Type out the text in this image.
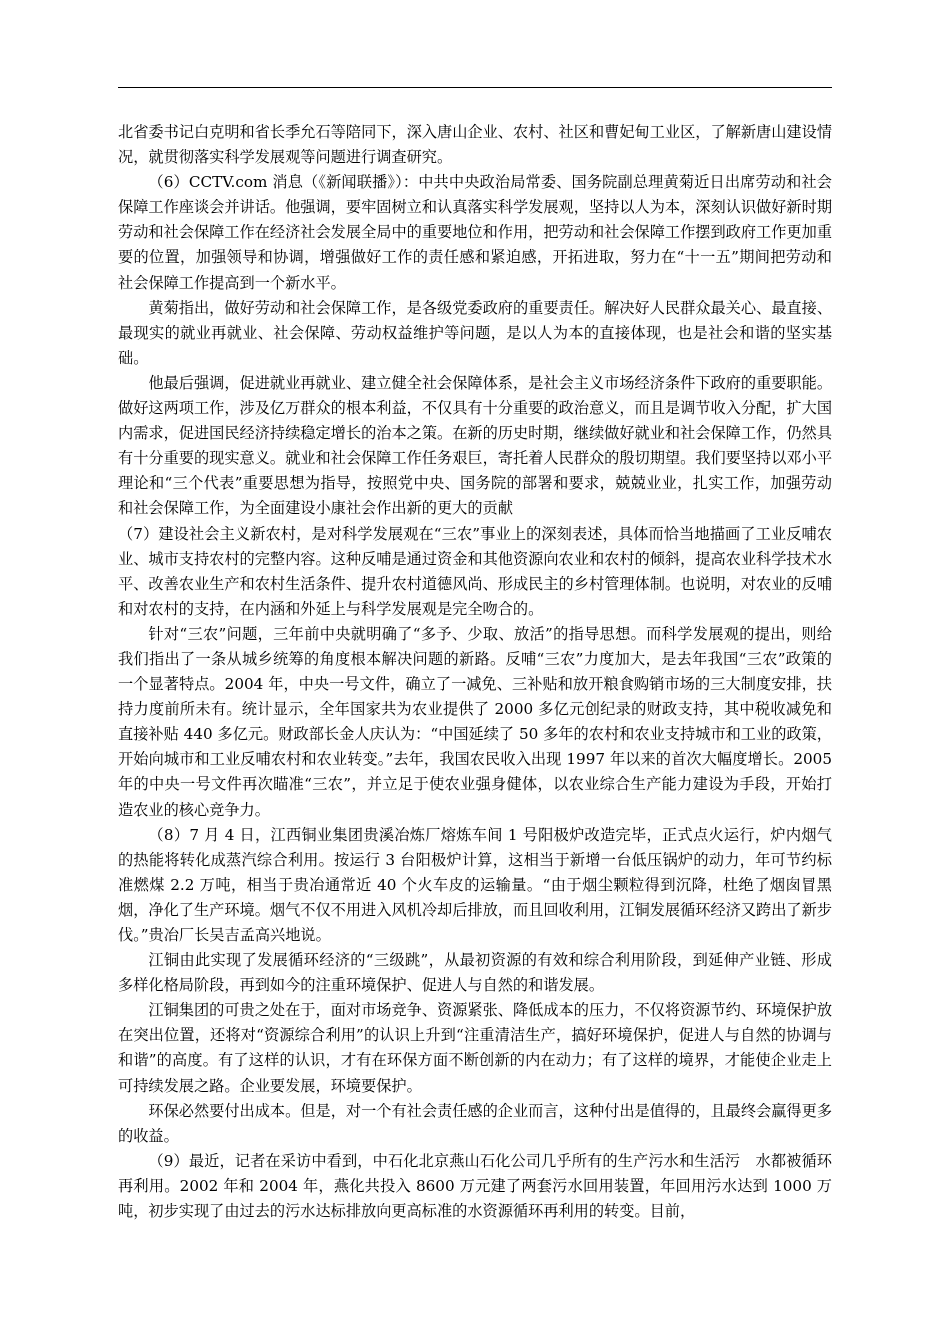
北省委书记白克明和省长季允石等陪同下，深入唐山企业、农村、社区和曹妃甸工业区，了解新唐山建设情况，就贯彻落实科学发展观等问题进行调查研究。

（6）CCTV.com 消息（《新闻联播》）：中共中央政治局常委、国务院副总理黄菊近日出席劳动和社会保障工作座谈会并讲话。他强调，要牢固树立和认真落实科学发展观，坚持以人为本，深刻认识做好新时期劳动和社会保障工作在经济社会发展全局中的重要地位和作用，把劳动和社会保障工作摆到政府工作更加重要的位置，加强领导和协调，增强做好工作的责任感和紧迫感，开拓进取，努力在“十一五”期间把劳动和社会保障工作提高到一个新水平。

黄菊指出，做好劳动和社会保障工作，是各级党委政府的重要责任。解决好人民群众最关心、最直接、最现实的就业再就业、社会保障、劳动权益维护等问题，是以人为本的直接体现，也是社会和谐的坚实基础。

他最后强调，促进就业再就业、建立健全社会保障体系，是社会主义市场经济条件下政府的重要职能。做好这两项工作，涉及亿万群众的根本利益，不仅具有十分重要的政治意义，而且是调节收入分配，扩大国内需求，促进国民经济持续稳定增长的治本之策。在新的历史时期，继续做好就业和社会保障工作，仍然具有十分重要的现实意义。就业和社会保障工作任务艰巨，寄托着人民群众的殷切期望。我们要坚持以邓小平理论和“三个代表”重要思想为指导，按照党中央、国务院的部署和要求，兢兢业业，扎实工作，加强劳动和社会保障工作，为全面建设小康社会作出新的更大的贡献

（7）建设社会主义新农村，是对科学发展观在“三农”事业上的深刻表述，具体而恰当地描画了工业反哺农业、城市支持农村的完整内容。这种反哺是通过资金和其他资源向农业和农村的倾斜，提高农业科学技术水平、改善农业生产和农村生活条件、提升农村道德风尚、形成民主的乡村管理体制。也说明，对农业的反哺和对农村的支持，在内涵和外延上与科学发展观是完全吻合的。

针对“三农”问题，三年前中央就明确了“多予、少取、放活”的指导思想。而科学发展观的提出，则给我们指出了一条从城乡统筹的角度根本解决问题的新路。反哺“三农”力度加大，是去年我国“三农”政策的一个显著特点。2004 年，中央一号文件，确立了一减免、三补贴和放开粮食购销市场的三大制度安排，扶持力度前所未有。统计显示，全年国家共为农业提供了 2000 多亿元创纪录的财政支持，其中税收减免和直接补贴 440 多亿元。财政部长金人庆认为：“中国延续了 50 多年的农村和农业支持城市和工业的政策，开始向城市和工业反哺农村和农业转变。”去年，我国农民收入出现 1997 年以来的首次大幅度增长。2005 年的中央一号文件再次瞄准“三农”，并立足于使农业强身健体，以农业综合生产能力建设为手段，开始打造农业的核心竞争力。

（8）7 月 4 日，江西铜业集团贵溪冶炼厂熔炼车间 1 号阳极炉改造完毕，正式点火运行，炉内烟气的热能将转化成蒸汽综合利用。按运行 3 台阳极炉计算，这相当于新增一台低压锅炉的动力，年可节约标准燃煤 2.2 万吨，相当于贵冶通常近 40 个火车皮的运输量。“由于烟尘颗粒得到沉降，杜绝了烟囱冒黑烟，净化了生产环境。烟气不仅不用进入风机冷却后排放，而且回收利用，江铜发展循环经济又跨出了新步伐。”贵冶厂长吴吉孟高兴地说。

江铜由此实现了发展循环经济的“三级跳”，从最初资源的有效和综合利用阶段，到延伸产业链、形成多样化格局阶段，再到如今的注重环境保护、促进人与自然的和谐发展。

江铜集团的可贵之处在于，面对市场竞争、资源紧张、降低成本的压力，不仅将资源节约、环境保护放在突出位置，还将对“资源综合利用”的认识上升到“注重清洁生产，搞好环境保护，促进人与自然的协调与和谐”的高度。有了这样的认识，才有在环保方面不断创新的内在动力；有了这样的境界，才能使企业走上可持续发展之路。企业要发展，环境要保护。

环保必然要付出成本。但是，对一个有社会责任感的企业而言，这种付出是值得的，且最终会赢得更多的收益。

（9）最近，记者在采访中看到，中石化北京燕山石化公司几乎所有的生产污水和生活污　水都被循环再利用。2002 年和 2004 年，燕化共投入 8600 万元建了两套污水回用装置，年回用污水达到 1000 万吨，初步实现了由过去的污水达标排放向更高标准的水资源循环再利用的转变。目前，
